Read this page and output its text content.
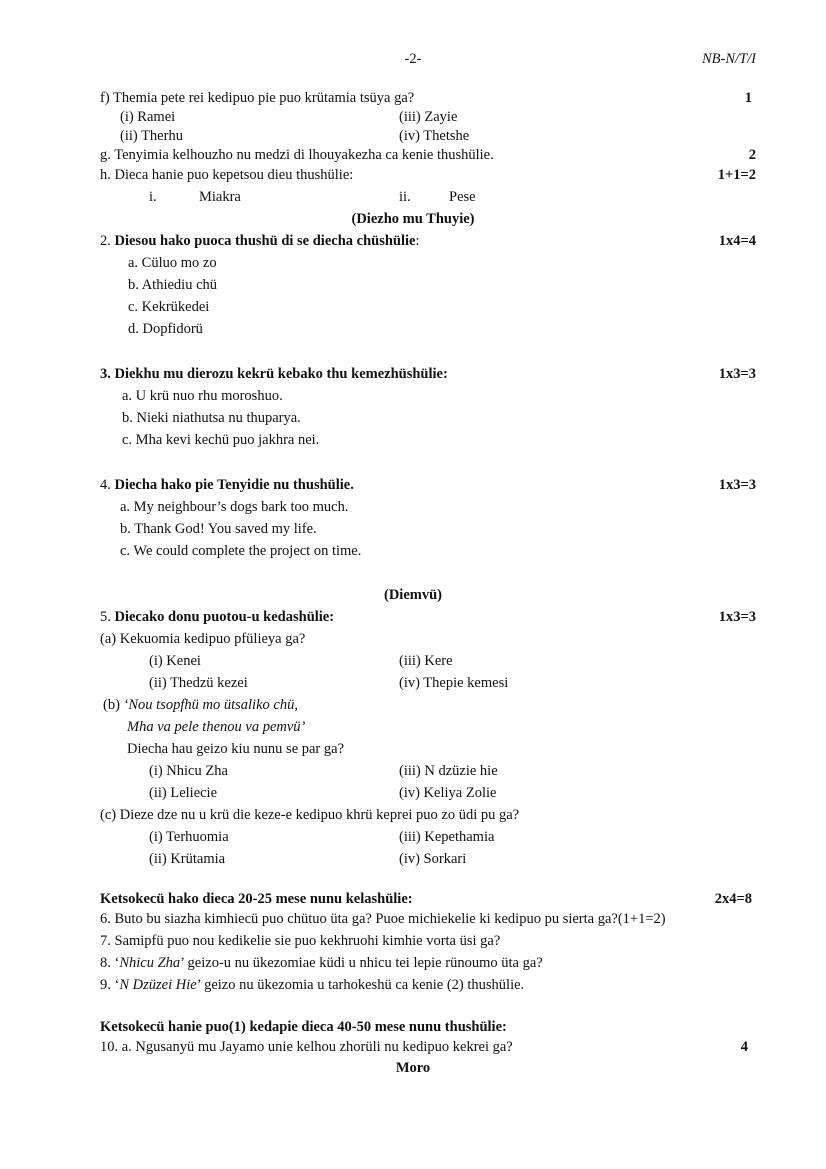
-2-	NB-N/T/I
f) Themia pete rei kedipuo pie puo krütamia tsüya ga?	1
(i) Ramei	(iii) Zayie
(ii) Therhu	(iv) Thetshe
g. Tenyimia kelhouzho nu medzi di lhouyakezha ca kenie thushülie.	2
h. Dieca hanie puo kepetsou dieu thushülie:	1+1=2
i.	Miakra	ii.	Pese
(Diezho mu Thuyie)
2. Diesou hako puoca thushü di se diecha chüshülie:	1x4=4
a. Cüluo mo zo
b. Athiediu chü
c. Kekrükedei
d. Dopfidorü
3. Diekhu mu dierozu kekrü kebako thu kemezhüshülie:	1x3=3
a. U krü nuo rhu moroshuo.
b. Nieki niathutsa nu thuparya.
c. Mha kevi kechü puo jakhra nei.
4. Diecha hako pie Tenyidie nu thushülie.	1x3=3
a. My neighbour’s dogs bark too much.
b. Thank God! You saved my life.
c. We could complete the project on time.
(Diemvü)
5. Diecako donu puotou-u kedashülie:	1x3=3
(a) Kekuomia kedipuo pfülieya ga?
(i) Kenei	(iii) Kere
(ii) Thedzü kezei	(iv) Thepie kemesi
(b) ‘Nou tsopfhü mo ütsaliko chü,
Mha va pele thenou va pemvü’
Diecha hau geizo kiu nunu se par ga?
(i) Nhicu Zha	(iii) N dzüzie hie
(ii) Leliecie	(iv) Keliya Zolie
(c) Dieze dze nu u krü die keze-e kedipuo khrü keprei puo zo üdi pu ga?
(i) Terhuomia	(iii) Kepethamia
(ii) Krütamia	(iv) Sorkari
Ketsokecü hako dieca 20-25 mese nunu kelashülie:	2x4=8
6. Buto bu siazha kimhiecü puo chütuo üta ga? Puoe michiekelie ki kedipuo pu sierta ga?(1+1=2)
7. Samipfü puo nou kedikelie sie puo kekhruohi kimhie vorta üsi ga?
8. ‘Nhicu Zha’ geizo-u nu ükezomiae küdi u nhicu tei lepie rünoumo üta ga?
9. ‘N Dzüzei Hie’ geizo nu ükezomia u tarhokeshü ca kenie (2) thushülie.
Ketsokecü hanie puo(1) kedapie dieca 40-50 mese nunu thushülie:
10. a. Ngusanyü mu Jayamo unie kelhou zhorüli nu kedipuo kekrei ga?	4
Moro
